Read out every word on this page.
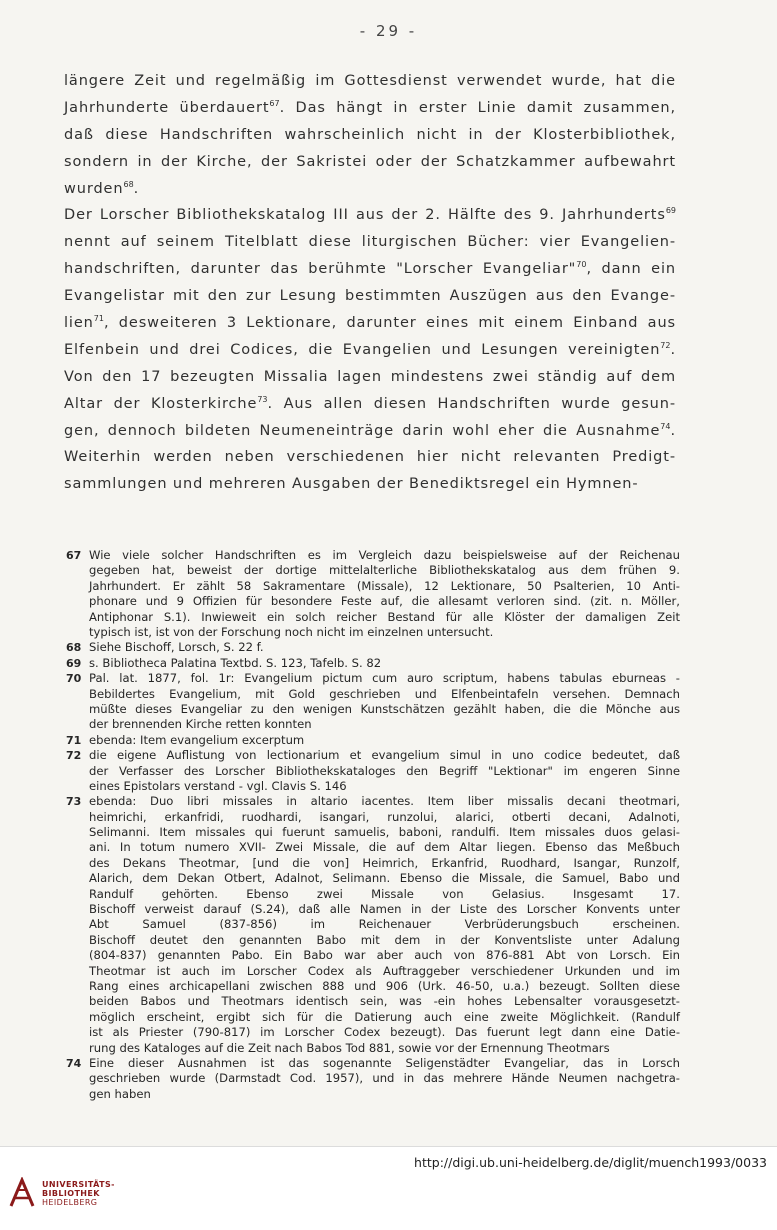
- 29 -
längere Zeit und regelmäßig im Gottesdienst verwendet wurde, hat die
Jahrhunderte überdauert$^{67}$. Das hängt in erster Linie damit zusammen,
daß diese Handschriften wahrscheinlich nicht in der Klosterbibliothek,
sondern in der Kirche, der Sakristei oder der Schatzkammer aufbewahrt
wurden$^{68}$.
Der Lorscher Bibliothekskatalog III aus der 2. Hälfte des 9. Jahrhunderts$^{69}$
nennt auf seinem Titelblatt diese liturgischen Bücher: vier Evangelien-
handschriften, darunter das berühmte "Lorscher Evangeliar"$^{70}$, dann ein
Evangelistar mit den zur Lesung bestimmten Auszügen aus den Evange-
lien$^{71}$, desweiteren 3 Lektionare, darunter eines mit einem Einband aus
Elfenbein und drei Codices, die Evangelien und Lesungen vereinigten$^{72}$.
Von den 17 bezeugten Missalia lagen mindestens zwei ständig auf dem
Altar der Klosterkirche$^{73}$. Aus allen diesen Handschriften wurde gesun-
gen, dennoch bildeten Neumeneinträge darin wohl eher die Ausnahme$^{74}$.
Weiterhin werden neben verschiedenen hier nicht relevanten Predigt-
sammlungen und mehreren Ausgaben der Benediktsregel ein Hymnen-
67 Wie viele solcher Handschriften es im Vergleich dazu beispielsweise auf der Reichenau
gegeben hat, beweist der dortige mittelalterliche Bibliothekskatalog aus dem frühen 9.
Jahrhundert. Er zählt 58 Sakramentare (Missale), 12 Lektionare, 50 Psalterien, 10 Anti-
phonare und 9 Offizien für besondere Feste auf, die allesamt verloren sind. (zit. n. Möller,
Antiphonar S.1). Inwieweit ein solch reicher Bestand für alle Klöster der damaligen Zeit
typisch ist, ist von der Forschung noch nicht im einzelnen untersucht.
68 Siehe Bischoff, Lorsch, S. 22 f.
69 s. Bibliotheca Palatina Textbd. S. 123, Tafelb. S. 82
70 Pal. lat. 1877, fol. 1r: Evangelium pictum cum auro scriptum, habens tabulas eburneas -
Bebildertes Evangelium, mit Gold geschrieben und Elfenbeintafeln versehen. Demnach
müßte dieses Evangeliar zu den wenigen Kunstschätzen gezählt haben, die die Mönche aus
der brennenden Kirche retten konnten
71 ebenda: Item evangelium excerptum
72 die eigene Auflistung von lectionarium et evangelium simul in uno codice bedeutet, daß
der Verfasser des Lorscher Bibliothekskataloges den Begriff "Lektionar" im engeren Sinne
eines Epistolars verstand - vgl. Clavis S. 146
73 ebenda: Duo libri missales in altario iacentes. Item liber missalis decani theotmari,
heimrichi, erkanfridi, ruodhardi, isangari, runzolui, alarici, otberti decani, Adalnoti,
Selimanni. Item missales qui fuerunt samuelis, baboni, randulfi. Item missales duos gelasi-
ani. In totum numero XVII- Zwei Missale, die auf dem Altar liegen. Ebenso das Meßbuch
des Dekans Theotmar, [und die von] Heimrich, Erkanfrid, Ruodhard, Isangar, Runzolf,
Alarich, dem Dekan Otbert, Adalnot, Selimann. Ebenso die Missale, die Samuel, Babo und
Randulf gehörten. Ebenso zwei Missale von Gelasius. Insgesamt 17.
Bischoff verweist darauf (S.24), daß alle Namen in der Liste des Lorscher Konvents unter
Abt Samuel (837-856) im Reichenauer Verbrüderungsbuch erscheinen.
Bischoff deutet den genannten Babo mit dem in der Konventsliste unter Adalung
(804-837) genannten Pabo. Ein Babo war aber auch von 876-881 Abt von Lorsch. Ein
Theotmar ist auch im Lorscher Codex als Auftraggeber verschiedener Urkunden und im
Rang eines archicapellani zwischen 888 und 906 (Urk. 46-50, u.a.) bezeugt. Sollten diese
beiden Babos und Theotmars identisch sein, was -ein hohes Lebensalter vorausgesetzt-
möglich erscheint, ergibt sich für die Datierung auch eine zweite Möglichkeit. (Randulf
ist als Priester (790-817) im Lorscher Codex bezeugt). Das fuerunt legt dann eine Datie-
rung des Kataloges auf die Zeit nach Babos Tod 881, sowie vor der Ernennung Theotmars
74 Eine dieser Ausnahmen ist das sogenannte Seligenstädter Evangeliar, das in Lorsch
geschrieben wurde (Darmstadt Cod. 1957), und in das mehrere Hände Neumen nachgetra-
gen haben
UNIVERSITÄTS-
BIBLIOTHEK
HEIDELBERG
http://digi.ub.uni-heidelberg.de/diglit/muench1993/0033
